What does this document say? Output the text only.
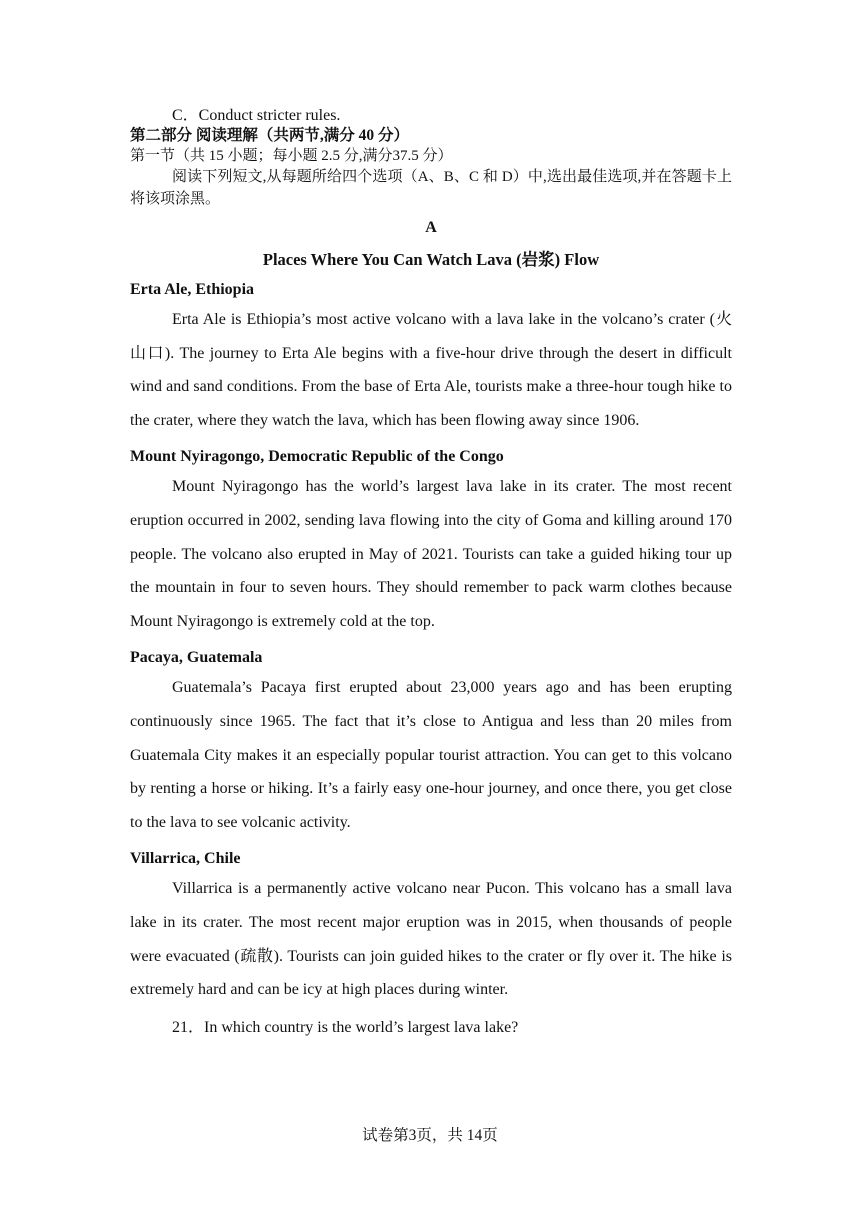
C．Conduct stricter rules.

第二部分 阅读理解（共两节,满分 40 分）

第一节（共 15 小题；每小题 2.5 分,满分37.5 分）

阅读下列短文,从每题所给四个选项（A、B、C 和 D）中,选出最佳选项,并在答题卡上将该项涂黑。

A

Places Where You Can Watch Lava (岩浆) Flow

Erta Ale, Ethiopia

Erta Ale is Ethiopia’s most active volcano with a lava lake in the volcano’s crater (火山口). The journey to Erta Ale begins with a five-hour drive through the desert in difficult wind and sand conditions. From the base of Erta Ale, tourists make a three-hour tough hike to the crater, where they watch the lava, which has been flowing away since 1906.

Mount Nyiragongo, Democratic Republic of the Congo

Mount Nyiragongo has the world’s largest lava lake in its crater. The most recent eruption occurred in 2002, sending lava flowing into the city of Goma and killing around 170 people. The volcano also erupted in May of 2021. Tourists can take a guided hiking tour up the mountain in four to seven hours. They should remember to pack warm clothes because Mount Nyiragongo is extremely cold at the top.

Pacaya, Guatemala

Guatemala’s Pacaya first erupted about 23,000 years ago and has been erupting continuously since 1965. The fact that it’s close to Antigua and less than 20 miles from Guatemala City makes it an especially popular tourist attraction. You can get to this volcano by renting a horse or hiking. It’s a fairly easy one-hour journey, and once there, you get close to the lava to see volcanic activity.

Villarrica, Chile

Villarrica is a permanently active volcano near Pucon. This volcano has a small lava lake in its crater. The most recent major eruption was in 2015, when thousands of people were evacuated (疏散). Tourists can join guided hikes to the crater or fly over it. The hike is extremely hard and can be icy at high places during winter.

21．In which country is the world’s largest lava lake?

试卷第3页，共 14页
